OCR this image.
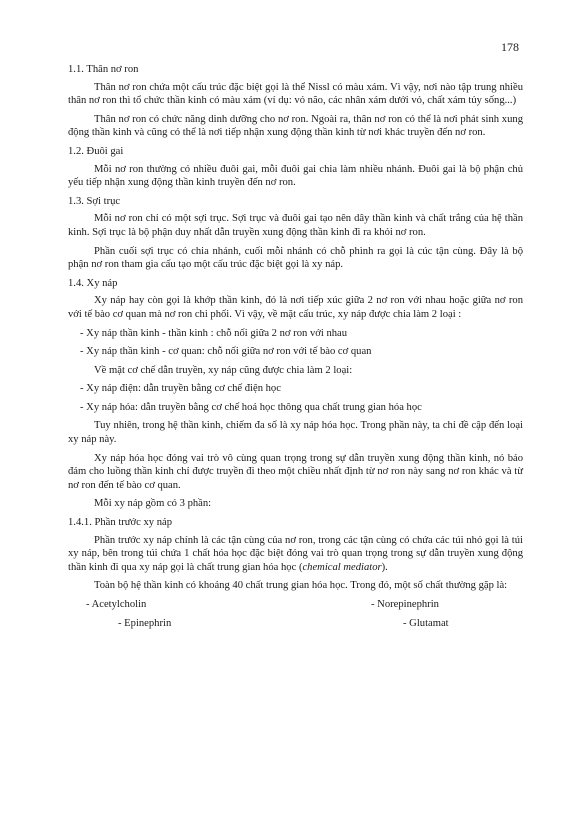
178
1.1. Thân nơ ron
Thân nơ ron chứa một cấu trúc đặc biệt gọi là thể Nissl có màu xám. Vì vậy, nơi nào tập trung nhiều thân nơ ron thì tổ chức thần kinh có màu xám (ví dụ: vỏ não, các nhân xám dưới vỏ, chất xám tủy sống...)
Thân nơ ron có chức năng dinh dưỡng cho nơ ron. Ngoài ra, thân nơ ron có thể là nơi phát sinh xung động thần kinh và cũng có thể là nơi tiếp nhận xung động thần kinh từ nơi khác truyền đến nơ ron.
1.2. Đuôi gai
Mỗi nơ ron thường có nhiều đuôi gai, mỗi đuôi gai chia làm nhiều nhánh. Đuôi gai là bộ phận chủ yếu tiếp nhận xung động thần kinh truyền đến nơ ron.
1.3. Sợi trục
Mỗi nơ ron chỉ có một sợi trục. Sợi trục và đuôi gai tạo nên dây thần kinh và chất trắng của hệ thần kinh. Sợi trục là bộ phận duy nhất dẫn truyền xung động thần kinh đi ra khỏi nơ ron.
Phần cuối sợi trục có chia nhánh, cuối mỗi nhánh có chỗ phình ra gọi là cúc tận cùng. Đây là bộ phận nơ ron tham gia cấu tạo một cấu trúc đặc biệt gọi là xy náp.
1.4. Xy náp
Xy náp hay còn gọi là khớp thần kinh, đó là nơi tiếp xúc giữa 2 nơ ron với nhau hoặc giữa nơ ron với tế bào cơ quan mà nơ ron chi phối. Vì vậy, về mặt cấu trúc, xy náp được chia làm 2 loại :
- Xy náp thần kinh - thần kinh : chỗ nối giữa 2 nơ ron với nhau
- Xy náp thần kinh - cơ quan: chỗ nối giữa nơ ron với tế bào cơ quan
Về mặt cơ chế dẫn truyền, xy náp cũng được chia làm 2 loại:
- Xy náp điện: dẫn truyền bằng cơ chế điện học
- Xy náp hóa: dẫn truyền bằng cơ chế hoá học thông qua chất trung gian hóa học
Tuy nhiên, trong hệ thần kinh, chiếm đa số là xy náp hóa học. Trong phần này, ta chỉ đề cập đến loại xy náp này.
Xy náp hóa học đóng vai trò vô cùng quan trọng trong sự dẫn truyền xung động thần kinh, nó bảo đảm cho luồng thần kinh chỉ được truyền đi theo một chiều nhất định từ nơ ron này sang nơ ron khác và từ nơ ron đến tế bào cơ quan.
Mỗi xy náp gồm có 3 phần:
1.4.1. Phần trước xy náp
Phần trước xy náp chính là các tận cùng của nơ ron, trong các tận cùng có chứa các túi nhỏ gọi là túi xy náp, bên trong túi chứa 1 chất hóa học đặc biệt đóng vai trò quan trọng trong sự dẫn truyền xung động thần kinh đi qua xy náp gọi là chất trung gian hóa học (chemical mediator).
Toàn bộ hệ thần kinh có khoảng 40 chất trung gian hóa học. Trong đó, một số chất thường gặp là:
- Acetylcholin	- Norepinephrin
- Epinephrin	- Glutamat
